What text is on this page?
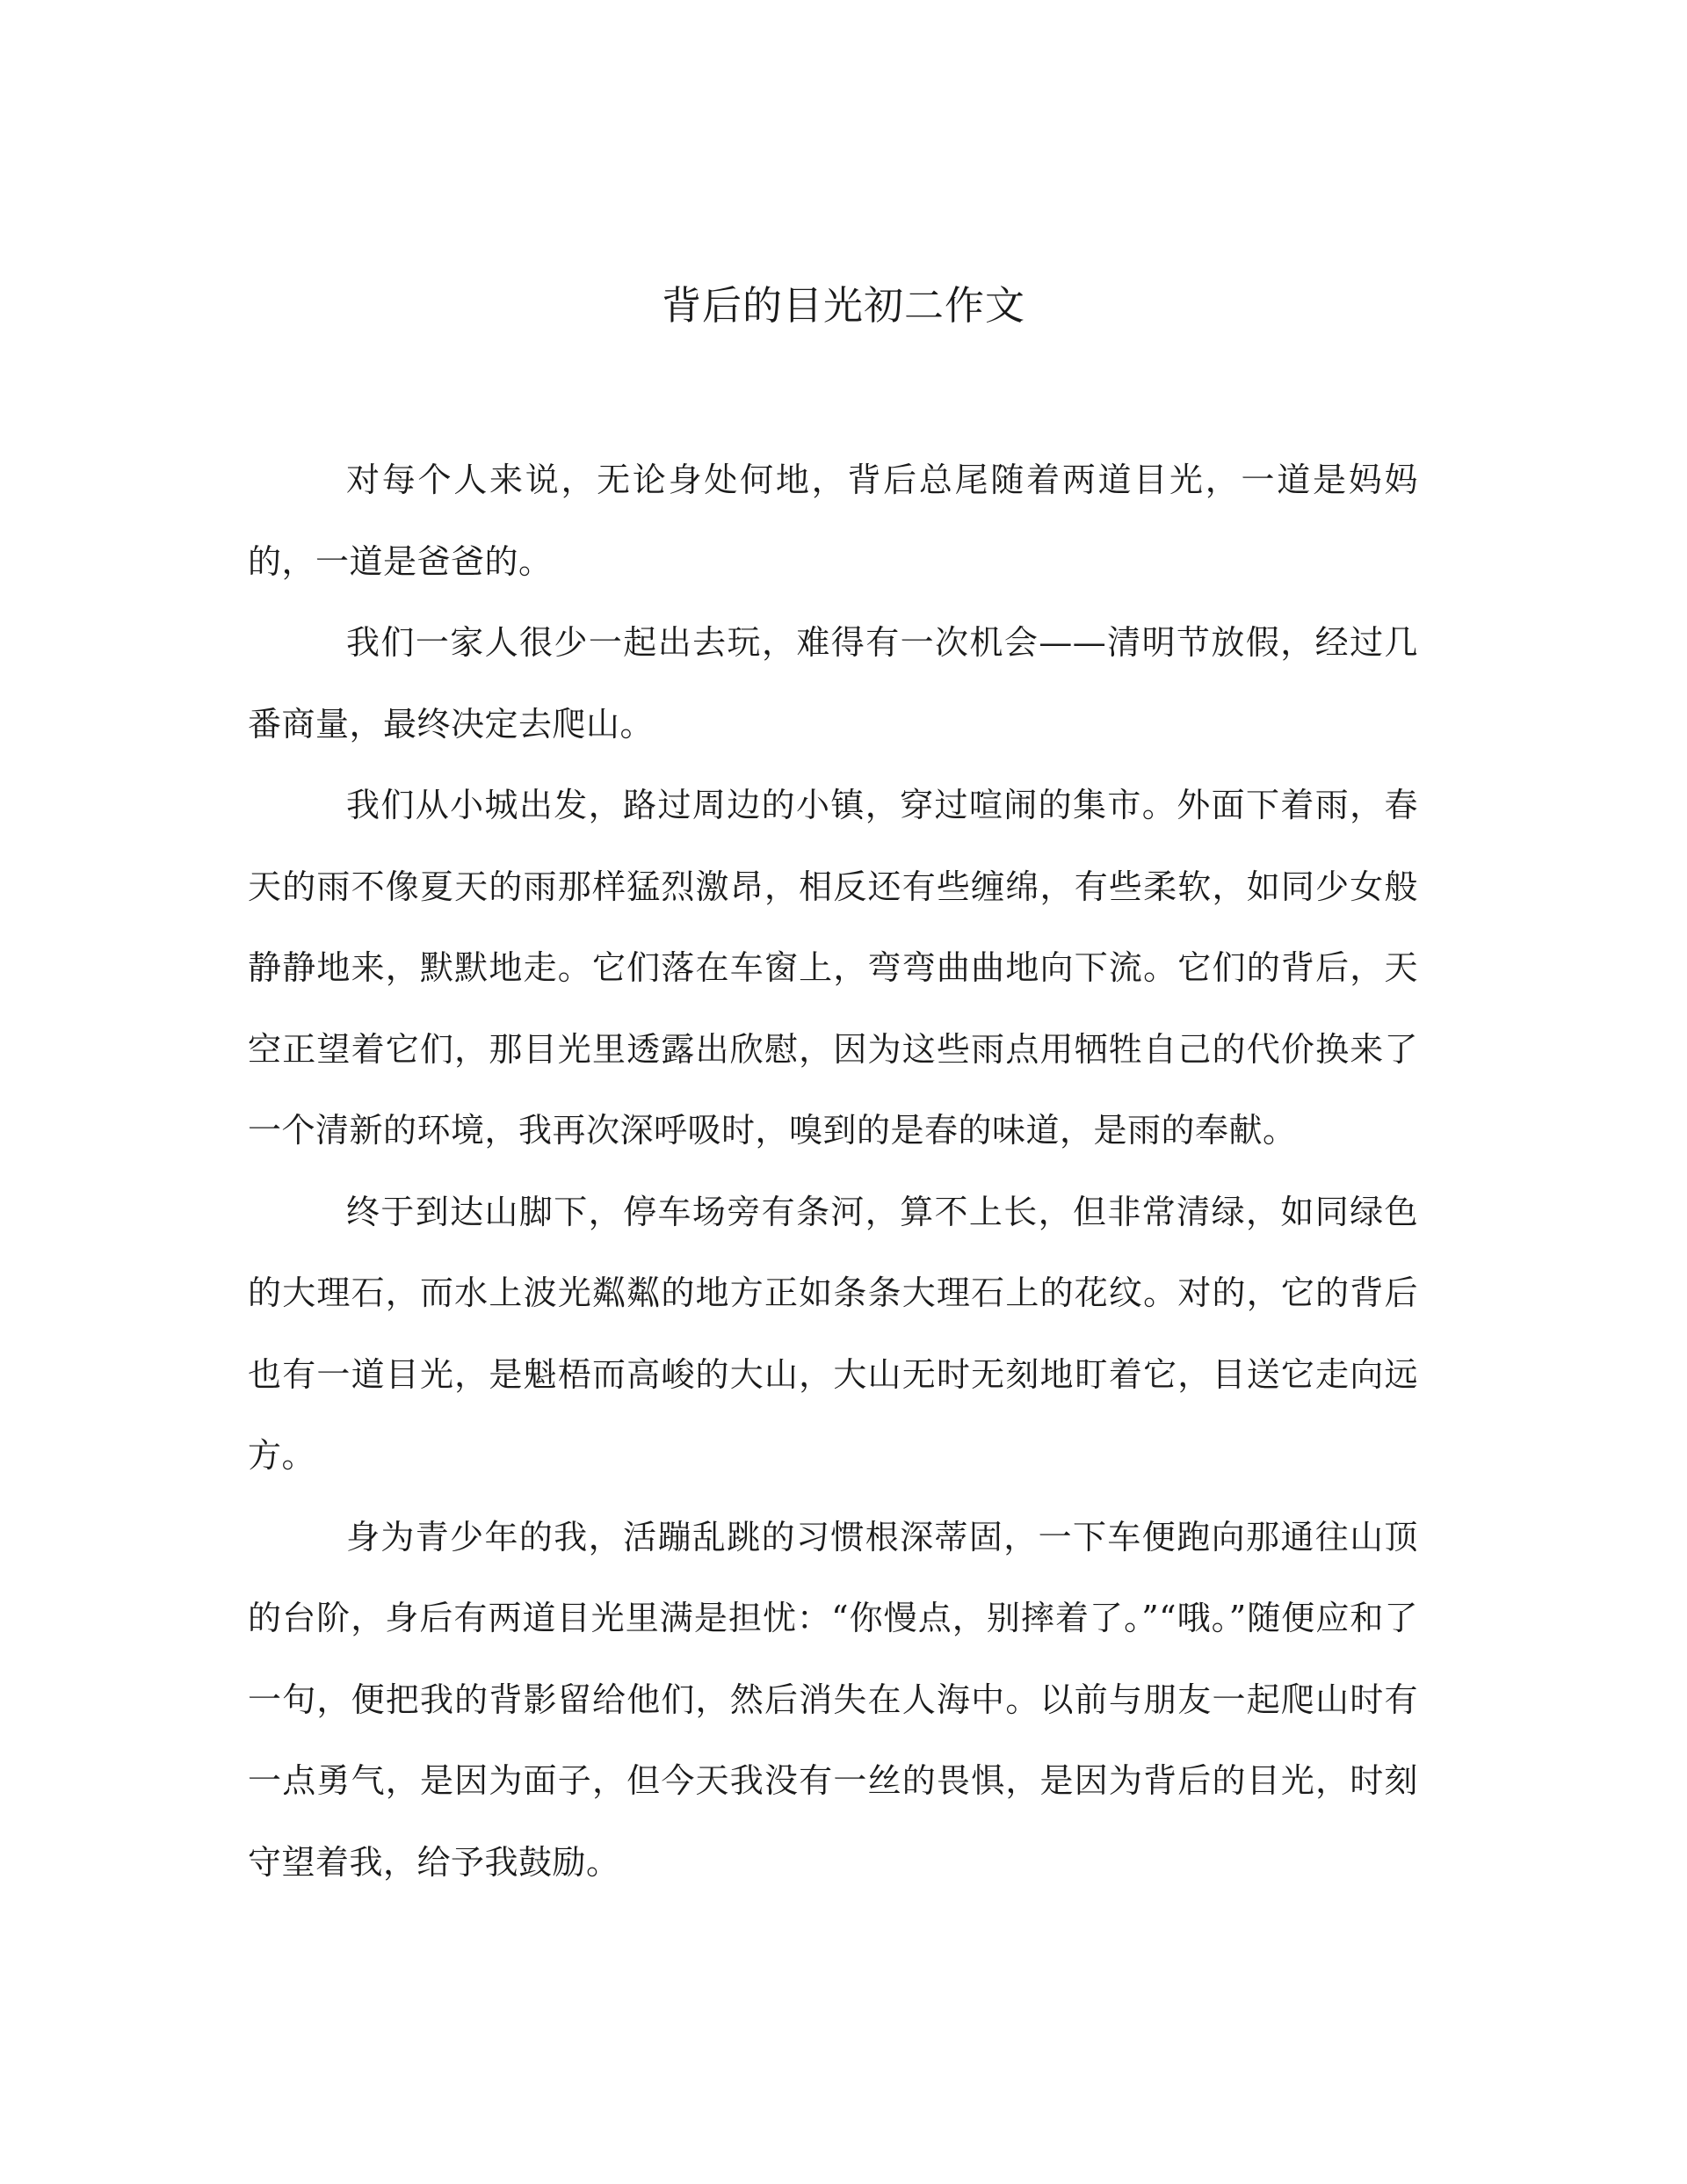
背后的目光初二作文

对每个人来说，无论身处何地，背后总尾随着两道目光，一道是妈妈的，一道是爸爸的。

我们一家人很少一起出去玩，难得有一次机会——清明节放假，经过几番商量，最终决定去爬山。

我们从小城出发，路过周边的小镇，穿过喧闹的集市。外面下着雨，春天的雨不像夏天的雨那样猛烈激昂，相反还有些缠绵，有些柔软，如同少女般静静地来，默默地走。它们落在车窗上，弯弯曲曲地向下流。它们的背后，天空正望着它们，那目光里透露出欣慰，因为这些雨点用牺牲自己的代价换来了一个清新的环境，我再次深呼吸时，嗅到的是春的味道，是雨的奉献。

终于到达山脚下，停车场旁有条河，算不上长，但非常清绿，如同绿色的大理石，而水上波光粼粼的地方正如条条大理石上的花纹。对的，它的背后也有一道目光，是魁梧而高峻的大山，大山无时无刻地盯着它，目送它走向远方。

身为青少年的我，活蹦乱跳的习惯根深蒂固，一下车便跑向那通往山顶的台阶，身后有两道目光里满是担忧：“你慢点，别摔着了。”“哦。”随便应和了一句，便把我的背影留给他们，然后消失在人海中。以前与朋友一起爬山时有一点勇气，是因为面子，但今天我没有一丝的畏惧，是因为背后的目光，时刻守望着我，给予我鼓励。
